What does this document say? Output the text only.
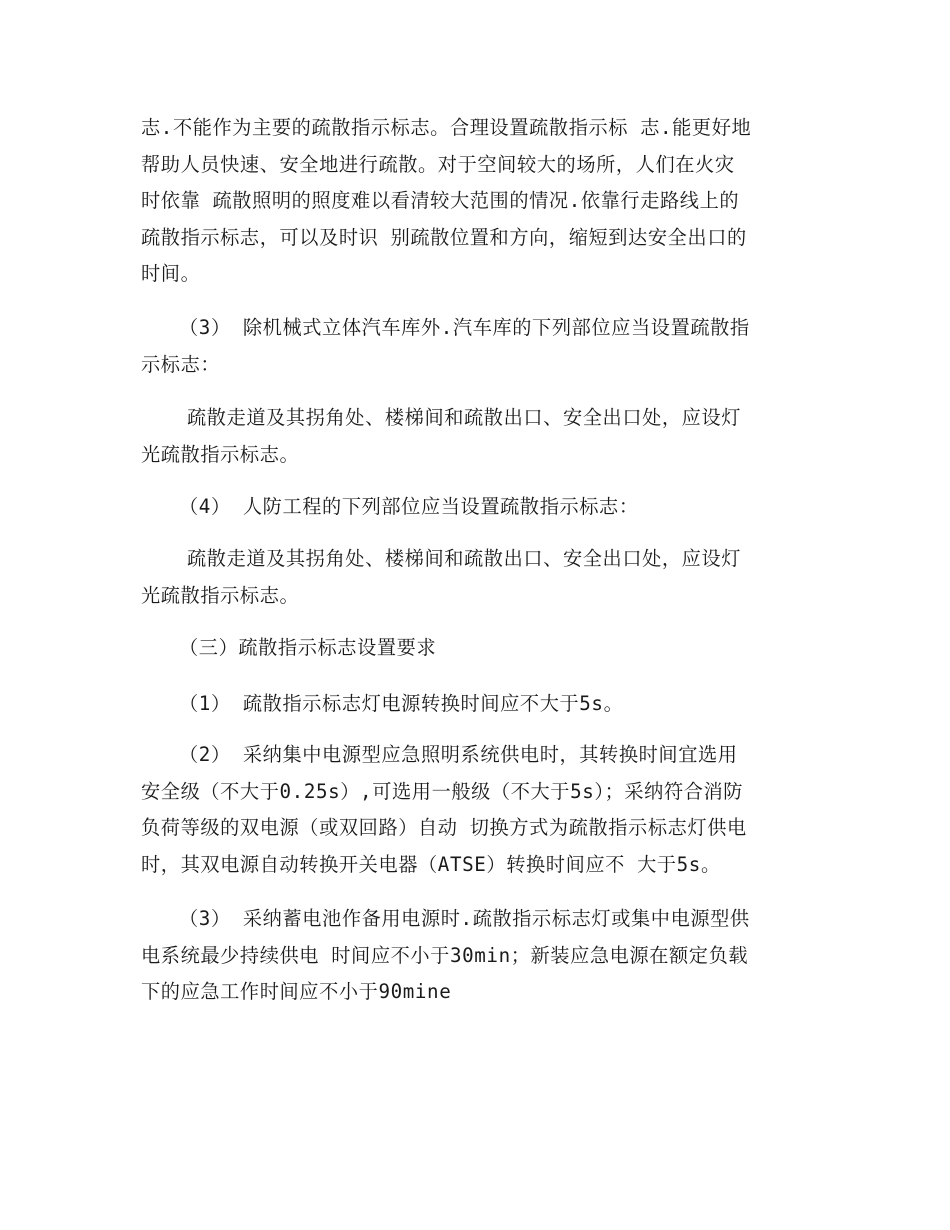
志.不能作为主要的疏散指示标志。合理设置疏散指示标 志.能更好地
帮助人员快速、安全地进行疏散。对于空间较大的场所，人们在火灾
时依靠 疏散照明的照度难以看清较大范围的情况.依靠行走路线上的
疏散指示标志，可以及时识 别疏散位置和方向，缩短到达安全出口的
时间。
（3） 除机械式立体汽车库外.汽车库的下列部位应当设置疏散指
示标志：
疏散走道及其拐角处、楼梯间和疏散出口、安全出口处，应设灯
光疏散指示标志。
（4） 人防工程的下列部位应当设置疏散指示标志：
疏散走道及其拐角处、楼梯间和疏散出口、安全出口处，应设灯
光疏散指示标志。
（三）疏散指示标志设置要求
（1） 疏散指示标志灯电源转换时间应不大于5s。
（2） 采纳集中电源型应急照明系统供电时，其转换时间宜选用
安全级（不大于0.25s）,可选用一般级（不大于5s）；采纳符合消防
负荷等级的双电源（或双回路）自动 切换方式为疏散指示标志灯供电
时，其双电源自动转换开关电器（ATSE）转换时间应不 大于5s。
（3） 采纳蓄电池作备用电源时.疏散指示标志灯或集中电源型供
电系统最少持续供电 时间应不小于30min；新装应急电源在额定负载
下的应急工作时间应不小于90mine
